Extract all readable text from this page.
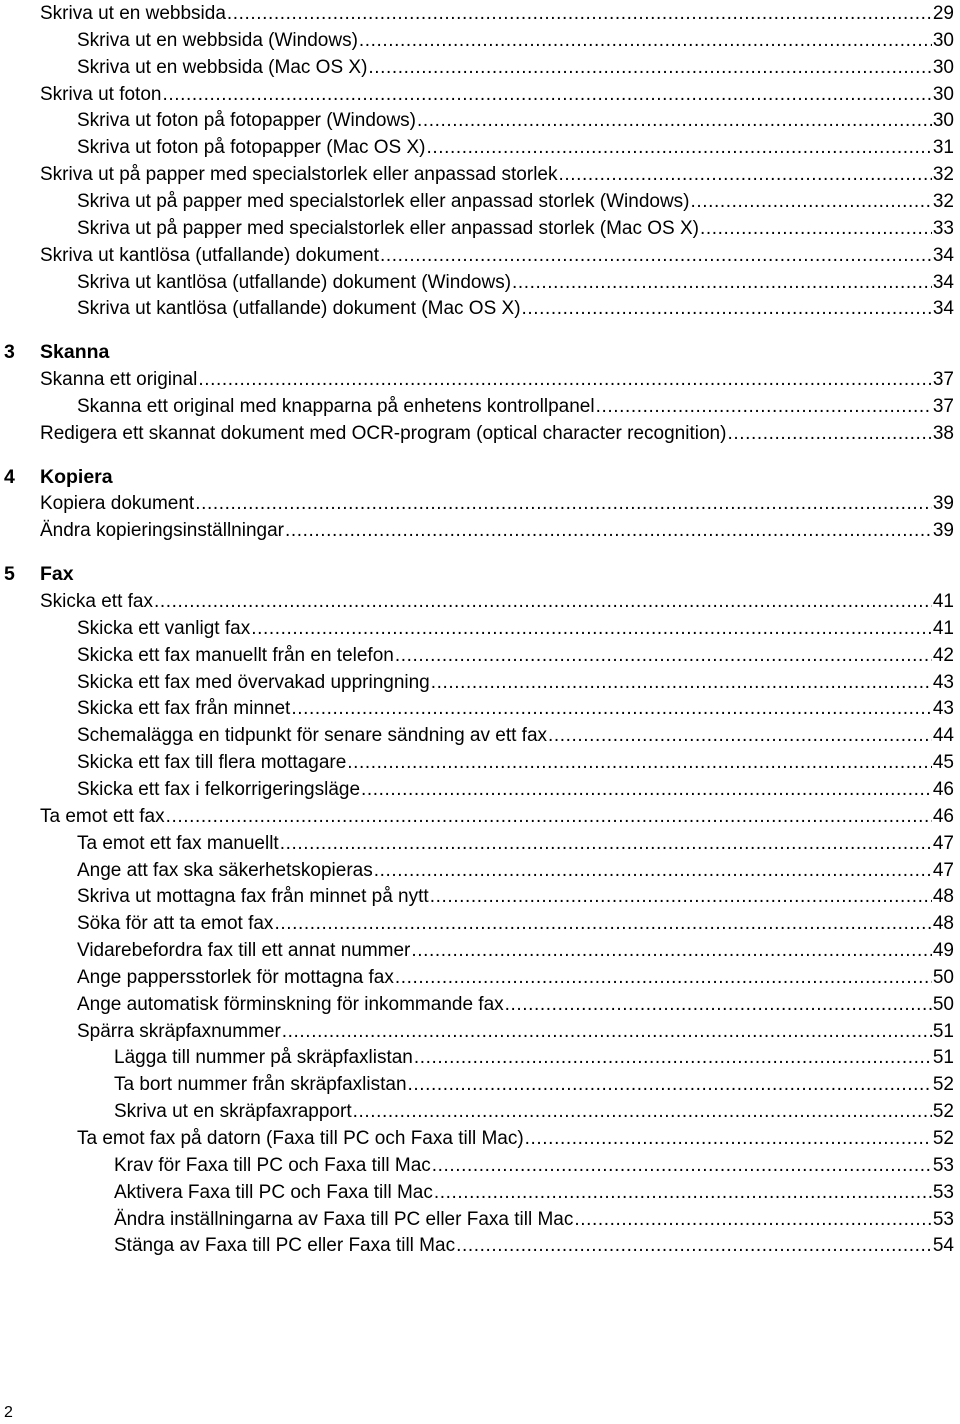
Skriva ut en webbsida .....	29
Skriva ut en webbsida (Windows) .....	30
Skriva ut en webbsida (Mac OS X) .....	30
Skriva ut foton .....	30
Skriva ut foton på fotopapper (Windows) .....	30
Skriva ut foton på fotopapper (Mac OS X) .....	31
Skriva ut på papper med specialstorlek eller anpassad storlek .....	32
Skriva ut på papper med specialstorlek eller anpassad storlek (Windows) .....	32
Skriva ut på papper med specialstorlek eller anpassad storlek (Mac OS X) .....	33
Skriva ut kantlösa (utfallande) dokument .....	34
Skriva ut kantlösa (utfallande) dokument (Windows) .....	34
Skriva ut kantlösa (utfallande) dokument (Mac OS X) .....	34
3	Skanna
Skanna ett original .....	37
Skanna ett original med knapparna på enhetens kontrollpanel .....	37
Redigera ett skannat dokument med OCR-program (optical character recognition) .....	38
4	Kopiera
Kopiera dokument .....	39
Ändra kopieringsinställningar .....	39
5	Fax
Skicka ett fax .....	41
Skicka ett vanligt fax .....	41
Skicka ett fax manuellt från en telefon .....	42
Skicka ett fax med övervakad uppringning .....	43
Skicka ett fax från minnet .....	43
Schemalägga en tidpunkt för senare sändning av ett fax .....	44
Skicka ett fax till flera mottagare .....	45
Skicka ett fax i felkorrigeringsläge .....	46
Ta emot ett fax .....	46
Ta emot ett fax manuellt .....	47
Ange att fax ska säkerhetskopieras .....	47
Skriva ut mottagna fax från minnet på nytt .....	48
Söka för att ta emot fax .....	48
Vidarebefordra fax till ett annat nummer .....	49
Ange pappersstorlek för mottagna fax .....	50
Ange automatisk förminskning för inkommande fax .....	50
Spärra skräpfaxnummer .....	51
Lägga till nummer på skräpfaxlistan .....	51
Ta bort nummer från skräpfaxlistan .....	52
Skriva ut en skräpfaxrapport .....	52
Ta emot fax på datorn (Faxa till PC och Faxa till Mac) .....	52
Krav för Faxa till PC och Faxa till Mac .....	53
Aktivera Faxa till PC och Faxa till Mac .....	53
Ändra inställningarna av Faxa till PC eller Faxa till Mac .....	53
Stänga av Faxa till PC eller Faxa till Mac .....	54
2
